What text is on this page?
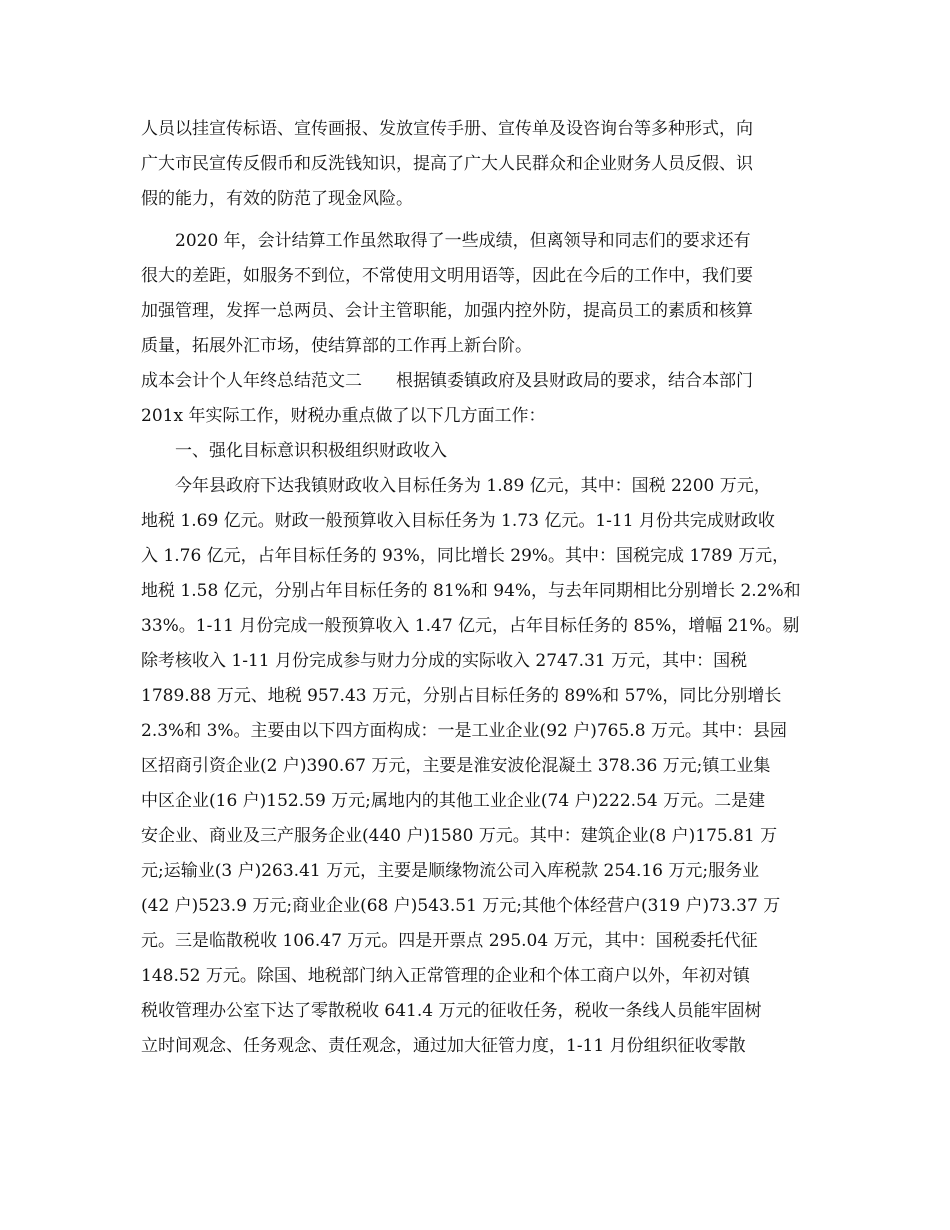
人员以挂宣传标语、宣传画报、发放宣传手册、宣传单及设咨询台等多种形式，向
广大市民宣传反假币和反洗钱知识，提高了广大人民群众和企业财务人员反假、识
假的能力，有效的防范了现金风险。
2020 年，会计结算工作虽然取得了一些成绩，但离领导和同志们的要求还有
很大的差距，如服务不到位，不常使用文明用语等，因此在今后的工作中，我们要
加强管理，发挥一总两员、会计主管职能，加强内控外防，提高员工的素质和核算
质量，拓展外汇市场，使结算部的工作再上新台阶。
成本会计个人年终总结范文二　　根据镇委镇政府及县财政局的要求，结合本部门
201x 年实际工作，财税办重点做了以下几方面工作：
一、强化目标意识积极组织财政收入
今年县政府下达我镇财政收入目标任务为 1.89 亿元，其中：国税 2200 万元，
地税 1.69 亿元。财政一般预算收入目标任务为 1.73 亿元。1-11 月份共完成财政收
入 1.76 亿元，占年目标任务的 93%，同比增长 29%。其中：国税完成 1789 万元，
地税 1.58 亿元，分别占年目标任务的 81%和 94%，与去年同期相比分别增长 2.2%和
33%。1-11 月份完成一般预算收入 1.47 亿元，占年目标任务的 85%，增幅 21%。剔
除考核收入 1-11 月份完成参与财力分成的实际收入 2747.31 万元，其中：国税
1789.88 万元、地税 957.43 万元，分别占目标任务的 89%和 57%，同比分别增长
2.3%和 3%。主要由以下四方面构成：一是工业企业(92 户)765.8 万元。其中：县园
区招商引资企业(2 户)390.67 万元，主要是淮安波伦混凝土 378.36 万元;镇工业集
中区企业(16 户)152.59 万元;属地内的其他工业企业(74 户)222.54 万元。二是建
安企业、商业及三产服务企业(440 户)1580 万元。其中：建筑企业(8 户)175.81 万
元;运输业(3 户)263.41 万元，主要是顺缘物流公司入库税款 254.16 万元;服务业
(42 户)523.9 万元;商业企业(68 户)543.51 万元;其他个体经营户(319 户)73.37 万
元。三是临散税收 106.47 万元。四是开票点 295.04 万元，其中：国税委托代征
148.52 万元。除国、地税部门纳入正常管理的企业和个体工商户以外，年初对镇
税收管理办公室下达了零散税收 641.4 万元的征收任务，税收一条线人员能牢固树
立时间观念、任务观念、责任观念，通过加大征管力度，1-11 月份组织征收零散
